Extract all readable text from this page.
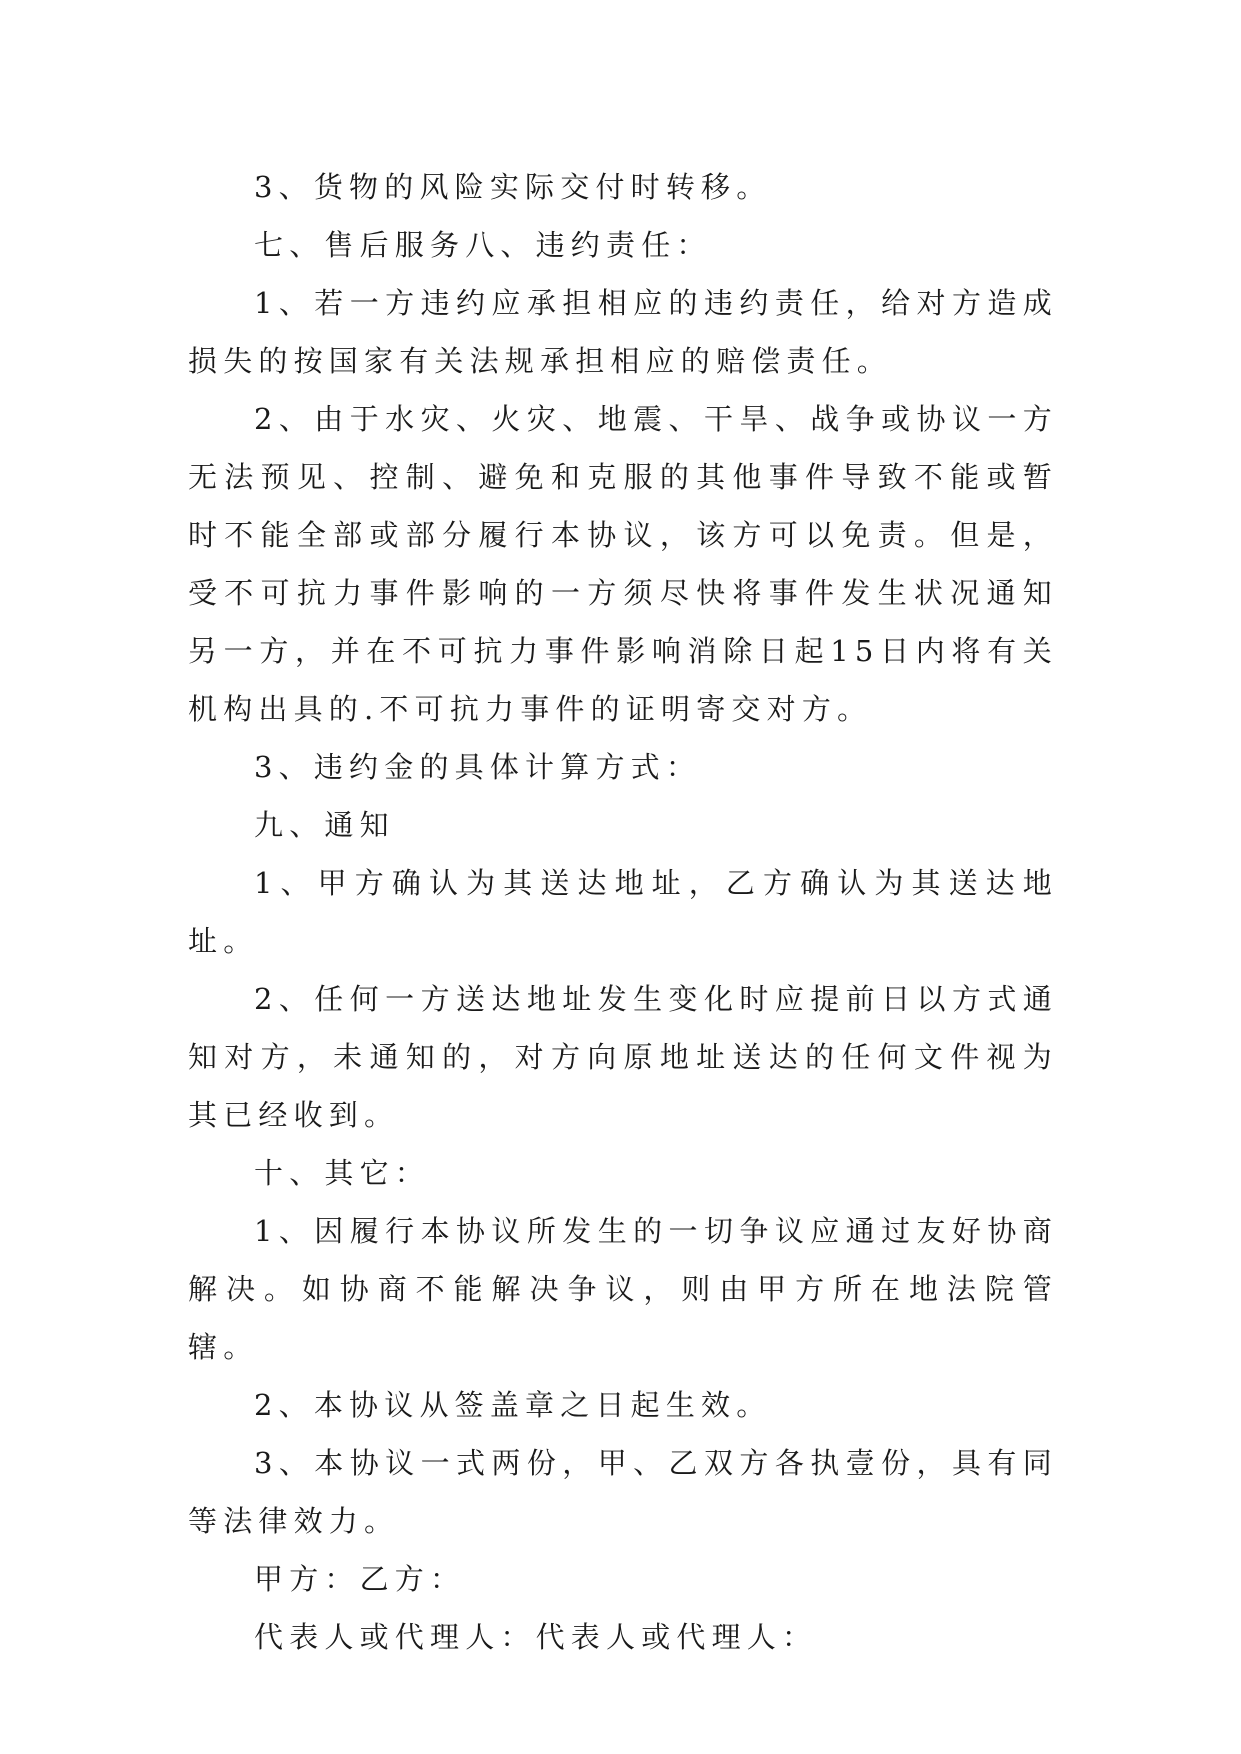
3、货物的风险实际交付时转移。

七、售后服务八、违约责任：

1、若一方违约应承担相应的违约责任，给对方造成损失的按国家有关法规承担相应的赔偿责任。

2、由于水灾、火灾、地震、干旱、战争或协议一方无法预见、控制、避免和克服的其他事件导致不能或暂时不能全部或部分履行本协议，该方可以免责。但是，受不可抗力事件影响的一方须尽快将事件发生状况通知另一方，并在不可抗力事件影响消除日起15日内将有关机构出具的.不可抗力事件的证明寄交对方。

3、违约金的具体计算方式：

九、通知

1、甲方确认为其送达地址，乙方确认为其送达地址。

2、任何一方送达地址发生变化时应提前日以方式通知对方，未通知的，对方向原地址送达的任何文件视为其已经收到。

十、其它：

1、因履行本协议所发生的一切争议应通过友好协商解决。如协商不能解决争议，则由甲方所在地法院管辖。

2、本协议从签盖章之日起生效。

3、本协议一式两份，甲、乙双方各执壹份，具有同等法律效力。

甲方：乙方：

代表人或代理人：代表人或代理人：
